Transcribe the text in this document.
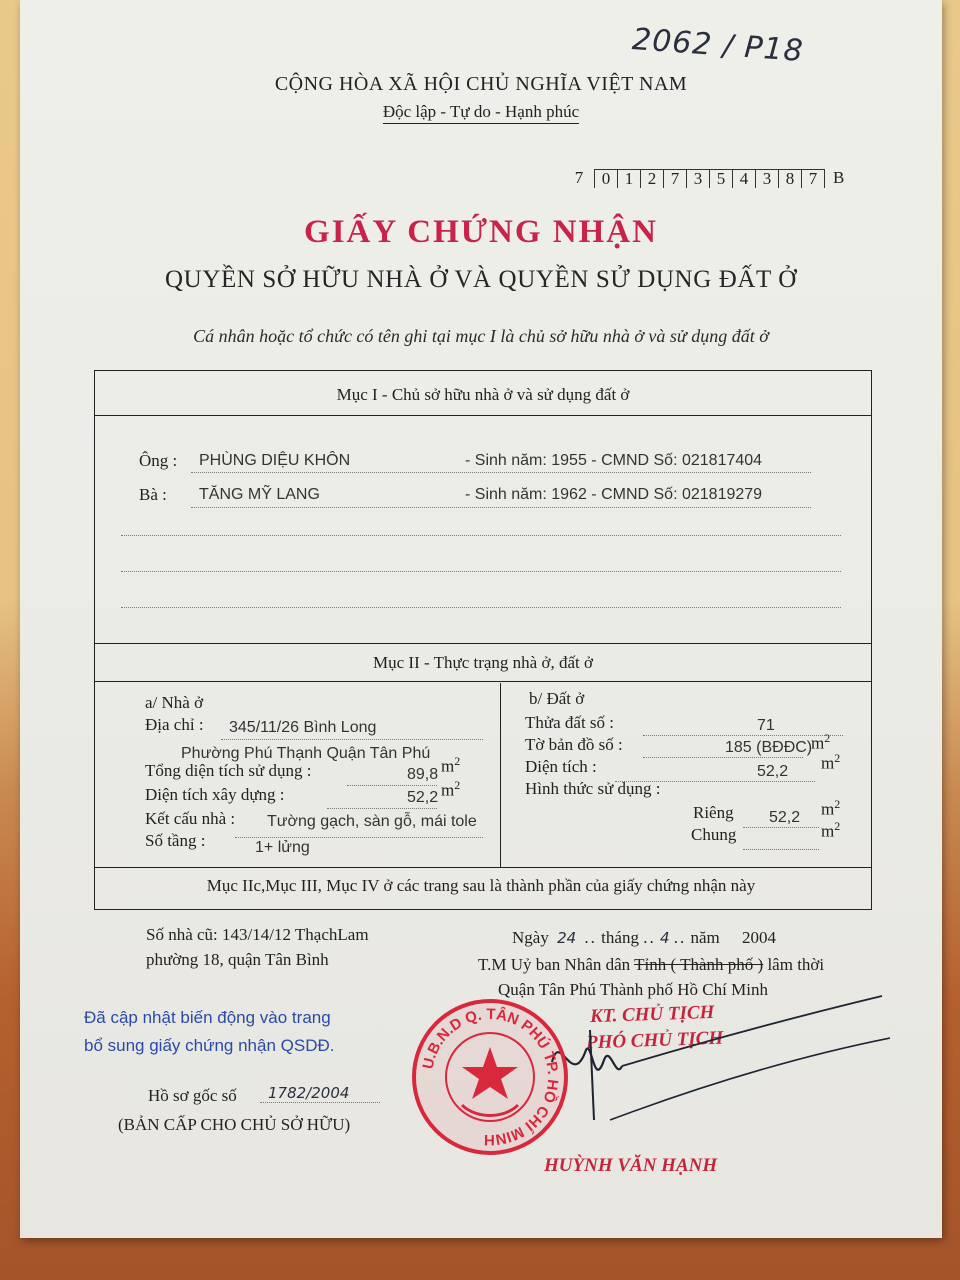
2062 / P18
CỘNG HÒA XÃ HỘI CHỦ NGHĨA VIỆT NAM
Độc lập - Tự do - Hạnh phúc
7	0 1 2 7 3 5 4 3 8 7 B
GIẤY CHỨNG NHẬN
QUYỀN SỞ HỮU NHÀ Ở VÀ QUYỀN SỬ DỤNG ĐẤT Ở
Cá nhân hoặc tổ chức có tên ghi tại mục I là chủ sở hữu nhà ở và sử dụng đất ở
Mục I - Chủ sở hữu nhà ở và sử dụng đất ở
Ông : PHÙNG DIỆU KHÔN	- Sinh năm: 1955 - CMND Số: 021817404
Bà : TĂNG MỸ LANG	- Sinh năm: 1962 - CMND Số: 021819279
Mục II - Thực trạng nhà ở, đất ở
a/ Nhà ở
Địa chỉ : 345/11/26 Bình Long
Phường Phú Thạnh Quận Tân Phú
Tổng diện tích sử dụng :	89,8 $m^2$
Diện tích xây dựng :	52,2 $m^2$
Kết cấu nhà : Tường gạch, sàn gỗ, mái tole
Số tầng :	1+ lửng
b/ Đất ở
Thửa đất số :	71
Tờ bản đồ số :	185 (BĐĐC)
$m^2$
Diện tích :	52,2 $m^2$
Hình thức sử dụng :
Riêng 52,2 $m^2$
Chung	$m^2$
Mục IIc,Mục III, Mục IV ở các trang sau là thành phần của giấy chứng nhận này
Số nhà cũ: 143/14/12 ThạchLam
phường 18, quận Tân Bình
Ngày 24 .. tháng .. 4 .. năm 2004
T.M Uỷ ban Nhân dân Tỉnh ( Thành phố ) lâm thời
Quận Tân Phú Thành phố Hồ Chí Minh
Đã cập nhật biến động vào trang
bổ sung giấy chứng nhận QSDĐ.
Hồ sơ gốc số 1782/2004
(BẢN CẤP CHO CHỦ SỞ HỮU)
KT. CHỦ TỊCH
PHÓ CHỦ TỊCH
U.B.N.D Q. TÂN PHÚ TP. HỒ CHÍ MINH
HUỲNH VĂN HẠNH
